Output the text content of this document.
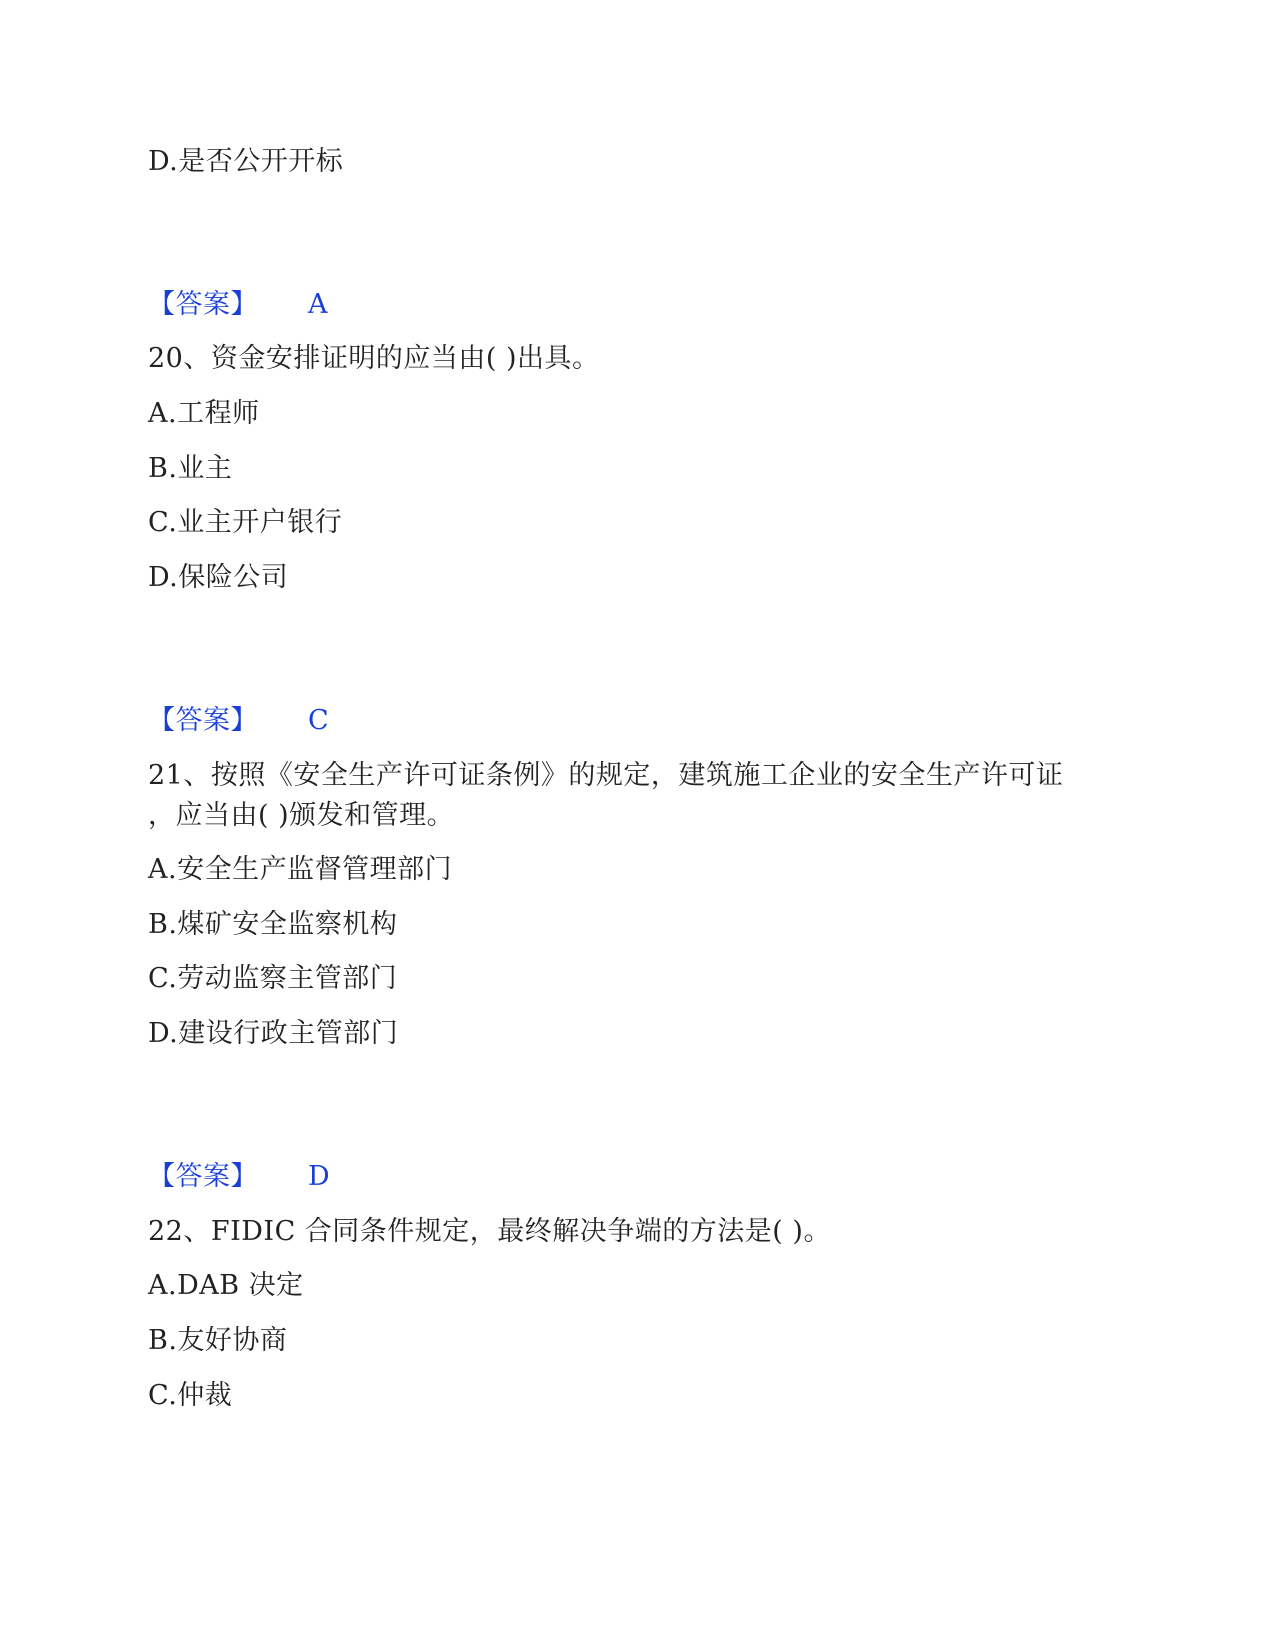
D.是否公开开标
【答案】 A
20、资金安排证明的应当由( )出具。
A.工程师
B.业主
C.业主开户银行
D.保险公司
【答案】 C
21、按照《安全生产许可证条例》的规定，建筑施工企业的安全生产许可证
，应当由( )颁发和管理。
A.安全生产监督管理部门
B.煤矿安全监察机构
C.劳动监察主管部门
D.建设行政主管部门
【答案】 D
22、FIDIC 合同条件规定，最终解决争端的方法是( )。
A.DAB 决定
B.友好协商
C.仲裁
